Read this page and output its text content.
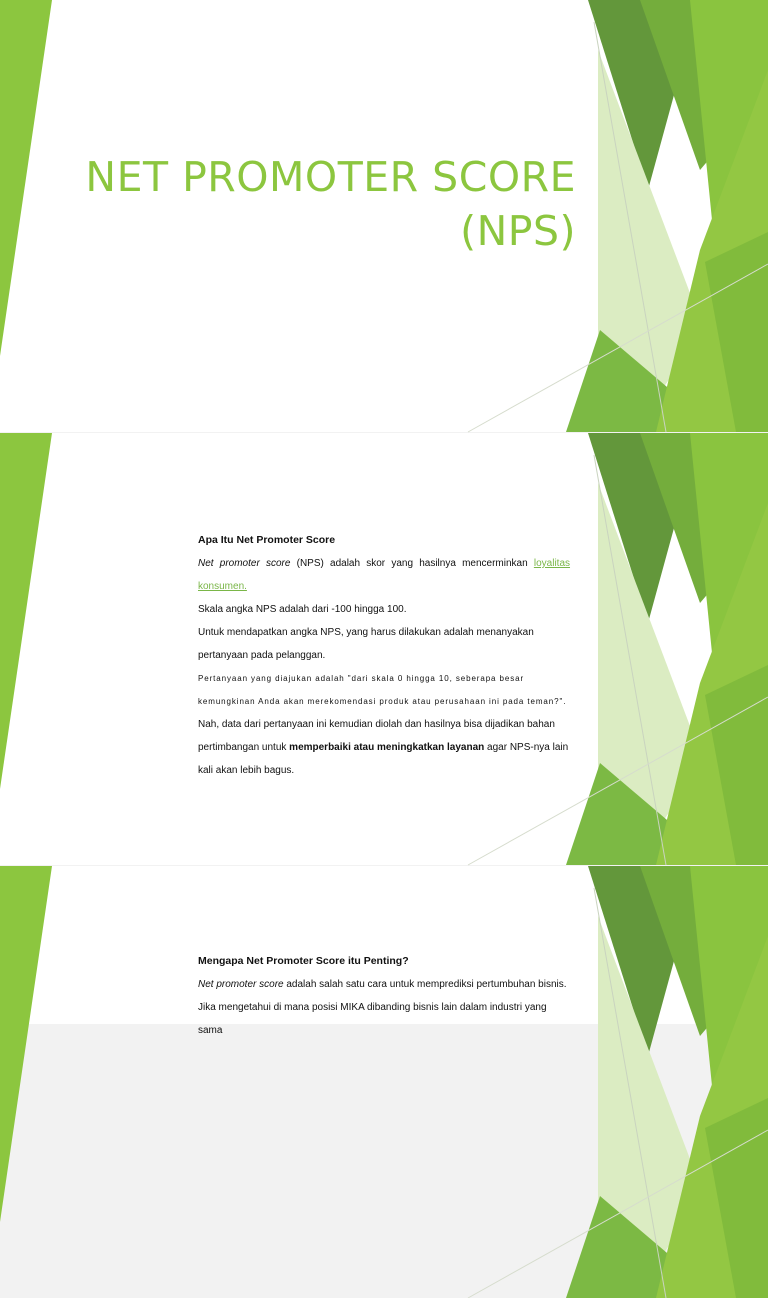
NET PROMOTER SCORE
(NPS)

Apa Itu Net Promoter Score

Net promoter score (NPS) adalah skor yang hasilnya mencerminkan loyalitas konsumen.

Skala angka NPS adalah dari -100 hingga 100.

Untuk mendapatkan angka NPS, yang harus dilakukan adalah menanyakan pertanyaan pada pelanggan.

Pertanyaan yang diajukan adalah "dari skala 0 hingga 10, seberapa besar

kemungkinan Anda akan merekomendasi produk atau perusahaan ini pada teman?".

Nah, data dari pertanyaan ini kemudian diolah dan hasilnya bisa dijadikan bahan pertimbangan untuk memperbaiki atau meningkatkan layanan agar NPS-nya lain kali akan lebih bagus.

Mengapa Net Promoter Score itu Penting?

Net promoter score adalah salah satu cara untuk memprediksi pertumbuhan bisnis.

Jika mengetahui di mana posisi MIKA dibanding bisnis lain dalam industri yang sama
